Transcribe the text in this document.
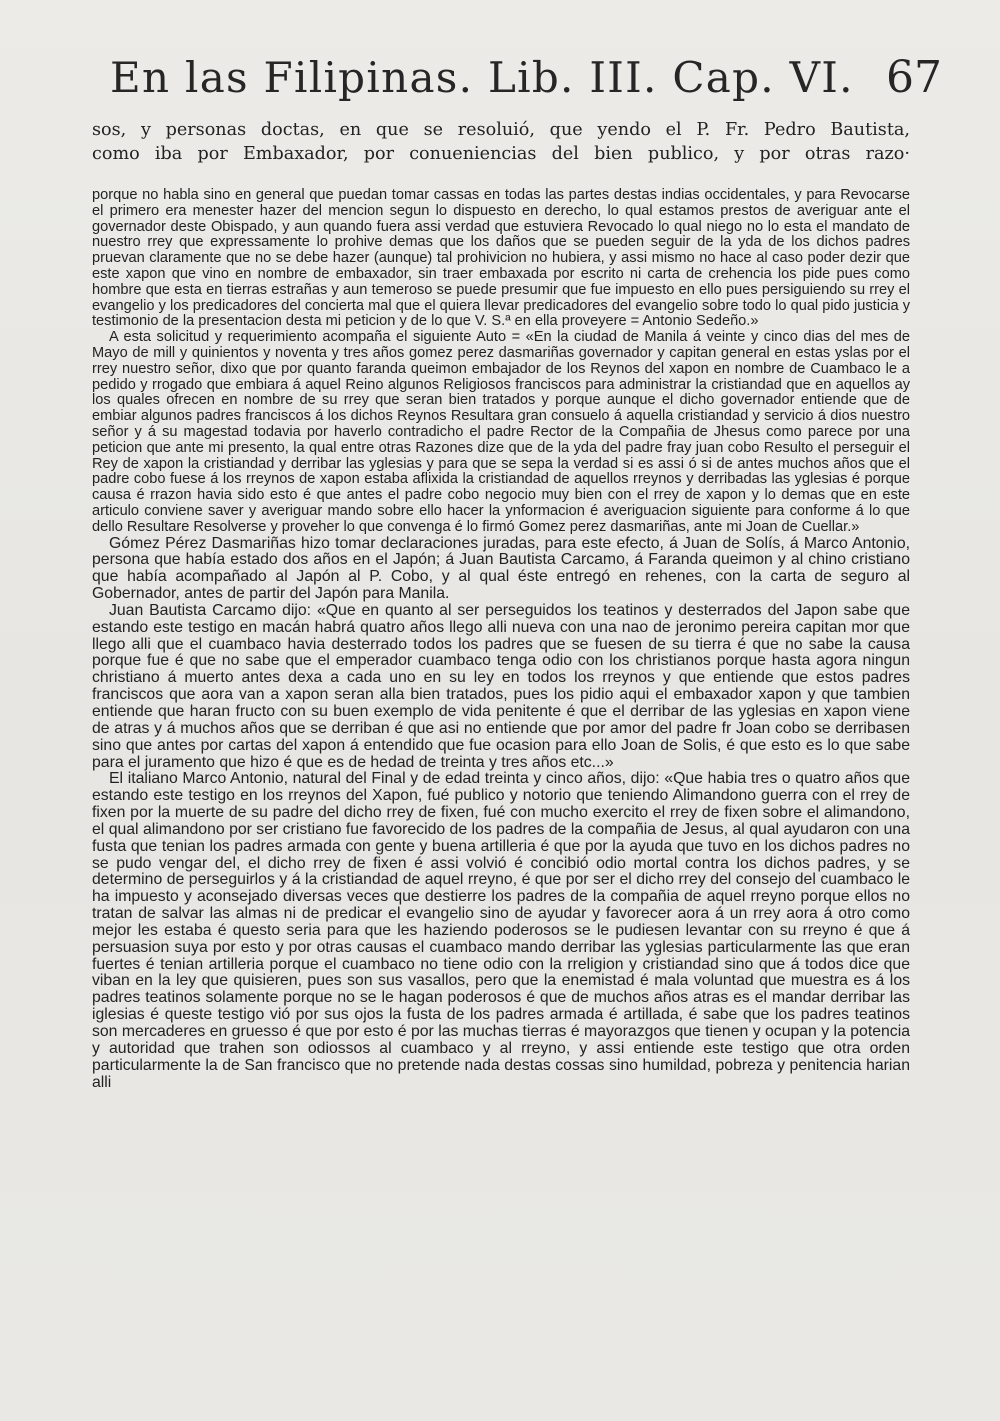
En las Filipinas. Lib. III. Cap. VI. 67

sos, y personas doctas, en que se resoluió, que yendo el P. Fr. Pedro Bautista,

como iba por Embaxador, por conueniencias del bien publico, y por otras razo·

porque no habla sino en general que puedan tomar cassas en todas las partes destas indias occidentales, y para Revocarse el primero era menester hazer del mencion segun lo dispuesto en derecho, lo qual estamos prestos de averiguar ante el governador deste Obispado, y aun quando fuera assi verdad que estuviera Revocado lo qual niego no lo esta el mandato de nuestro rrey que expressamente lo prohive demas que los daños que se pueden seguir de la yda de los dichos padres pruevan claramente que no se debe hazer (aunque) tal prohivicion no hubiera, y assi mismo no hace al caso poder dezir que este xapon que vino en nombre de embaxador, sin traer embaxada por escrito ni carta de crehencia los pide pues como hombre que esta en tierras estrañas y aun temeroso se puede presumir que fue impuesto en ello pues persiguiendo su rrey el evangelio y los predicadores del concierta mal que el quiera llevar predicadores del evangelio sobre todo lo qual pido justicia y testimonio de la presentacion desta mi peticion y de lo que V. S.ª en ella proveyere = Antonio Sedeño.»

A esta solicitud y requerimiento acompaña el siguiente Auto = «En la ciudad de Manila á veinte y cinco dias del mes de Mayo de mill y quinientos y noventa y tres años gomez perez dasmariñas governador y capitan general en estas yslas por el rrey nuestro señor, dixo que por quanto faranda queimon embajador de los Reynos del xapon en nombre de Cuambaco le a pedido y rrogado que embiara á aquel Reino algunos Religiosos franciscos para administrar la cristiandad que en aquellos ay los quales ofrecen en nombre de su rrey que seran bien tratados y porque aunque el dicho governador entiende que de embiar algunos padres franciscos á los dichos Reynos Resultara gran consuelo á aquella cristiandad y servicio á dios nuestro señor y á su magestad todavia por haverlo contradicho el padre Rector de la Compañia de Jhesus como parece por una peticion que ante mi presento, la qual entre otras Razones dize que de la yda del padre fray juan cobo Resulto el perseguir el Rey de xapon la cristiandad y derribar las yglesias y para que se sepa la verdad si es assi ó si de antes muchos años que el padre cobo fuese á los rreynos de xapon estaba aflixida la cristiandad de aquellos rreynos y derribadas las yglesias é porque causa é rrazon havia sido esto é que antes el padre cobo negocio muy bien con el rrey de xapon y lo demas que en este articulo conviene saver y averiguar mando sobre ello hacer la ynformacion é averiguacion siguiente para conforme á lo que dello Resultare Resolverse y proveher lo que convenga é lo firmó Gomez perez dasmariñas, ante mi Joan de Cuellar.»

Gómez Pérez Dasmariñas hizo tomar declaraciones juradas, para este efecto, á Juan de Solís, á Marco Antonio, persona que había estado dos años en el Japón; á Juan Bautista Carcamo, á Faranda queimon y al chino cristiano que había acompañado al Japón al P. Cobo, y al qual éste entregó en rehenes, con la carta de seguro al Gobernador, antes de partir del Japón para Manila.

Juan Bautista Carcamo dijo: «Que en quanto al ser perseguidos los teatinos y desterrados del Japon sabe que estando este testigo en macán habrá quatro años llego alli nueva con una nao de jeronimo pereira capitan mor que llego alli que el cuambaco havia desterrado todos los padres que se fuesen de su tierra é que no sabe la causa porque fue é que no sabe que el emperador cuambaco tenga odio con los christianos porque hasta agora ningun christiano á muerto antes dexa a cada uno en su ley en todos los rreynos y que entiende que estos padres franciscos que aora van a xapon seran alla bien tratados, pues los pidio aqui el embaxador xapon y que tambien entiende que haran fructo con su buen exemplo de vida penitente é que el derribar de las yglesias en xapon viene de atras y á muchos años que se derriban é que asi no entiende que por amor del padre fr Joan cobo se derribasen sino que antes por cartas del xapon á entendido que fue ocasion para ello Joan de Solis, é que esto es lo que sabe para el juramento que hizo é que es de hedad de treinta y tres años etc...»

El italiano Marco Antonio, natural del Final y de edad treinta y cinco años, dijo: «Que habia tres o quatro años que estando este testigo en los rreynos del Xapon, fué publico y notorio que teniendo Alimandono guerra con el rrey de fixen por la muerte de su padre del dicho rrey de fixen, fué con mucho exercito el rrey de fixen sobre el alimandono, el qual alimandono por ser cristiano fue favorecido de los padres de la compañia de Jesus, al qual ayudaron con una fusta que tenian los padres armada con gente y buena artilleria é que por la ayuda que tuvo en los dichos padres no se pudo vengar del, el dicho rrey de fixen é assi volvió é concibió odio mortal contra los dichos padres, y se determino de perseguirlos y á la cristiandad de aquel rreyno, é que por ser el dicho rrey del consejo del cuambaco le ha impuesto y aconsejado diversas veces que destierre los padres de la compañia de aquel rreyno porque ellos no tratan de salvar las almas ni de predicar el evangelio sino de ayudar y favorecer aora á un rrey aora á otro como mejor les estaba é questo seria para que les haziendo poderosos se le pudiesen levantar con su rreyno é que á persuasion suya por esto y por otras causas el cuambaco mando derribar las yglesias particularmente las que eran fuertes é tenian artilleria porque el cuambaco no tiene odio con la rreligion y cristiandad sino que á todos dice que viban en la ley que quisieren, pues son sus vasallos, pero que la enemistad é mala voluntad que muestra es á los padres teatinos solamente porque no se le hagan poderosos é que de muchos años atras es el mandar derribar las iglesias é queste testigo vió por sus ojos la fusta de los padres armada é artillada, é sabe que los padres teatinos son mercaderes en gruesso é que por esto é por las muchas tierras é mayorazgos que tienen y ocupan y la potencia y autoridad que trahen son odiossos al cuambaco y al rreyno, y assi entiende este testigo que otra orden particularmente la de San francisco que no pretende nada destas cossas sino humildad, pobreza y penitencia harian alli
